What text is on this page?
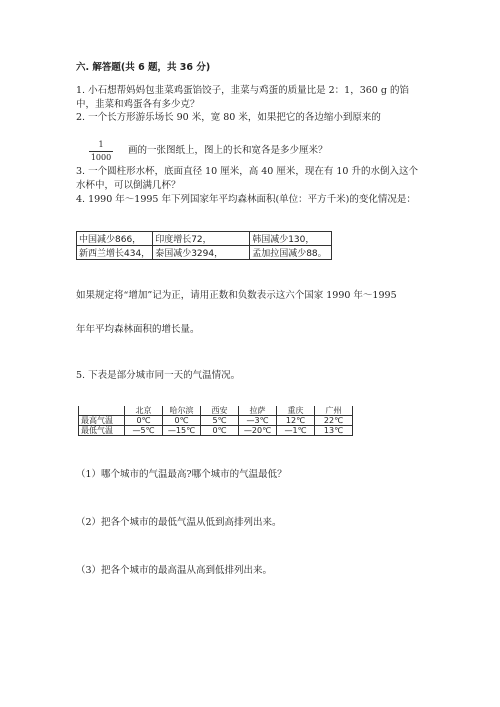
六. 解答题(共 6 题，共 36 分)
1. 小石想帮妈妈包韭菜鸡蛋馅饺子，韭菜与鸡蛋的质量比是 2：1，360 g 的馅
中，韭菜和鸡蛋各有多少克？
2. 一个长方形游乐场长 90 米，宽 80 米，如果把它的各边缩小到原来的
1
1000
画的一张图纸上，图上的长和宽各是多少厘米？
3. 一个圆柱形水杯，底面直径 10 厘米，高 40 厘米，现在有 10 升的水倒入这个
水杯中，可以倒满几杯？
4. 1990 年～1995 年下列国家年平均森林面积(单位：平方千米)的变化情况是：
中国减少866，	印度增长72，	韩国减少130，
新西兰增长434，	泰国减少3294，	孟加拉国减少88。
如果规定将“增加”记为正，请用正数和负数表示这六个国家 1990 年～1995
年年平均森林面积的增长量。
5. 下表是部分城市同一天的气温情况。
	北京	哈尔滨	西安	拉萨	重庆	广州
最高气温	0℃	0℃	5℃	—3℃	12℃	22℃
最低气温	—5℃	—15℃	0℃	—20℃	—1℃	13℃
（1）哪个城市的气温最高?哪个城市的气温最低？
（2）把各个城市的最低气温从低到高排列出来。
（3）把各个城市的最高温从高到低排列出来。
